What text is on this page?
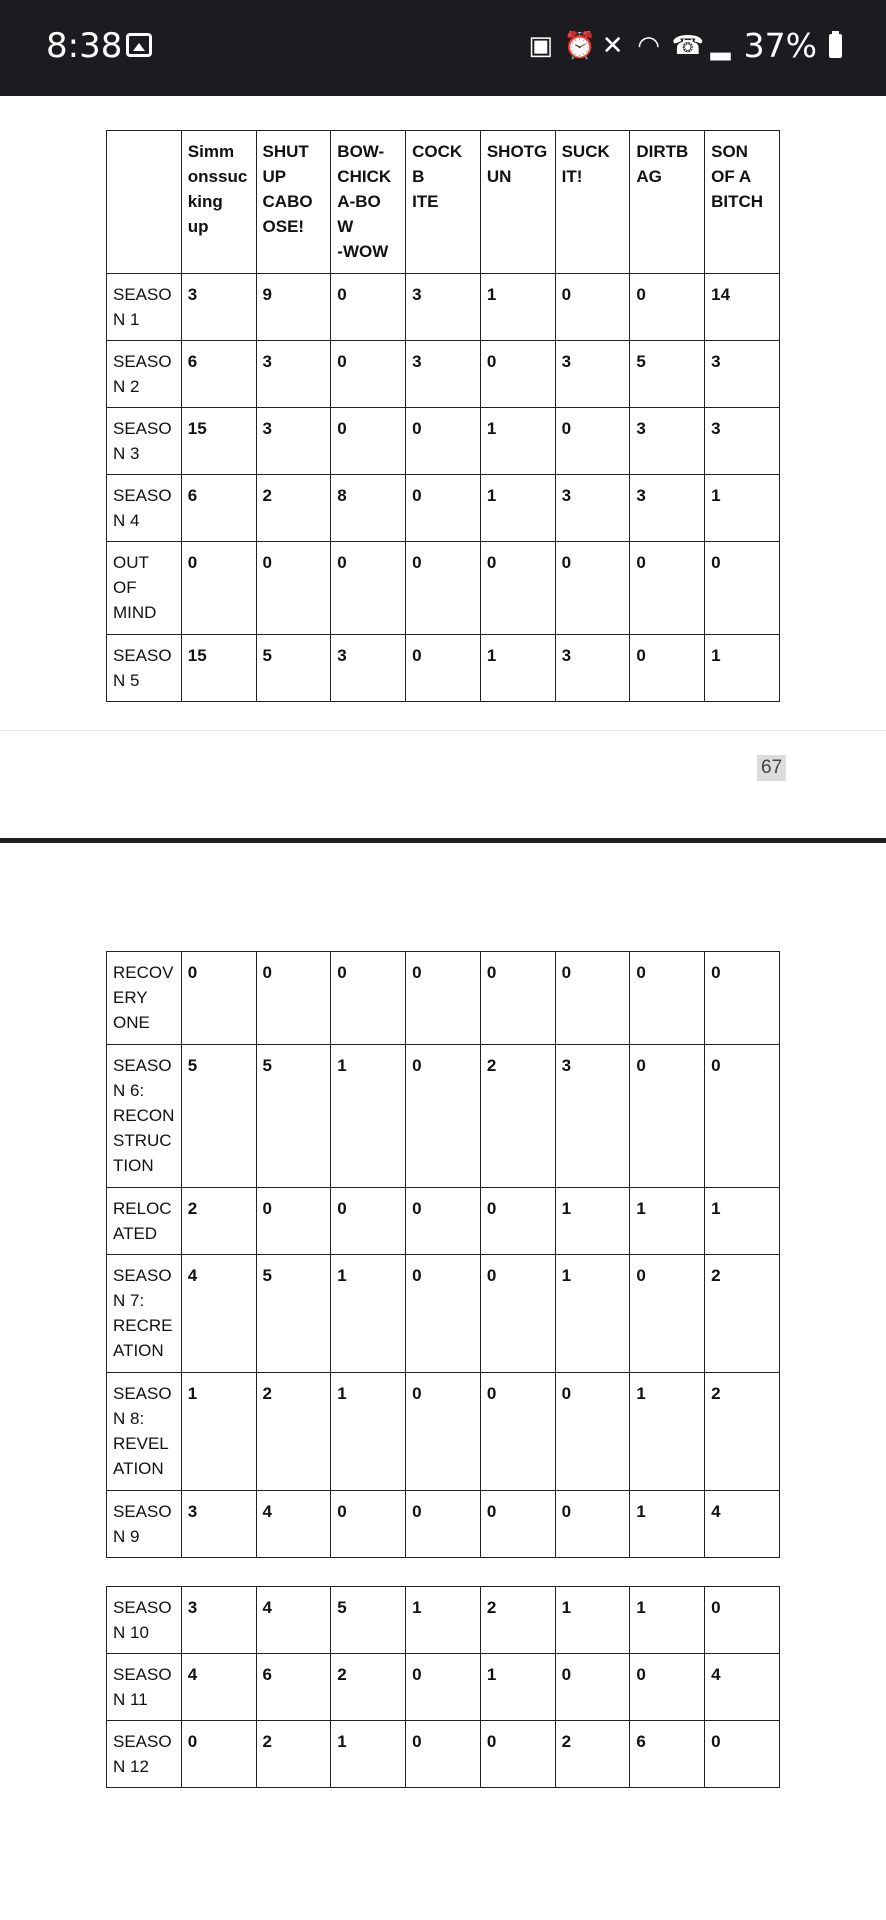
8:38	▣ ⏰ ✕ ◠ ☎ ▂ 37%
67
	Simm
onssuc
king
up	SHUT
UP
CABO
OSE!	BOW-
CHICK
A-BO
W
-WOW	COCKB
ITE	SHOTG
UN	SUCK
IT!	DIRTB
AG	SON
OF A
BITCH
SEASO
N 1	3	9	0	3	1	0	0	14
SEASO
N 2	6	3	0	3	0	3	5	3
SEASO
N 3	15	3	0	0	1	0	3	3
SEASO
N 4	6	2	8	0	1	3	3	1
OUT
OF
MIND	0	0	0	0	0	0	0	0
SEASO
N 5	15	5	3	0	1	3	0	1
RECOV
ERY
ONE	0	0	0	0	0	0	0	0
SEASO
N 6:
RECON
STRUC
TION	5	5	1	0	2	3	0	0
RELOC
ATED	2	0	0	0	0	1	1	1
SEASO
N 7:
RECRE
ATION	4	5	1	0	0	1	0	2
SEASO
N 8:
REVEL
ATION	1	2	1	0	0	0	1	2
SEASO
N 9	3	4	0	0	0	0	1	4
SEASO
N 10	3	4	5	1	2	1	1	0
SEASO
N 11	4	6	2	0	1	0	0	4
SEASO
N 12	0	2	1	0	0	2	6	0
